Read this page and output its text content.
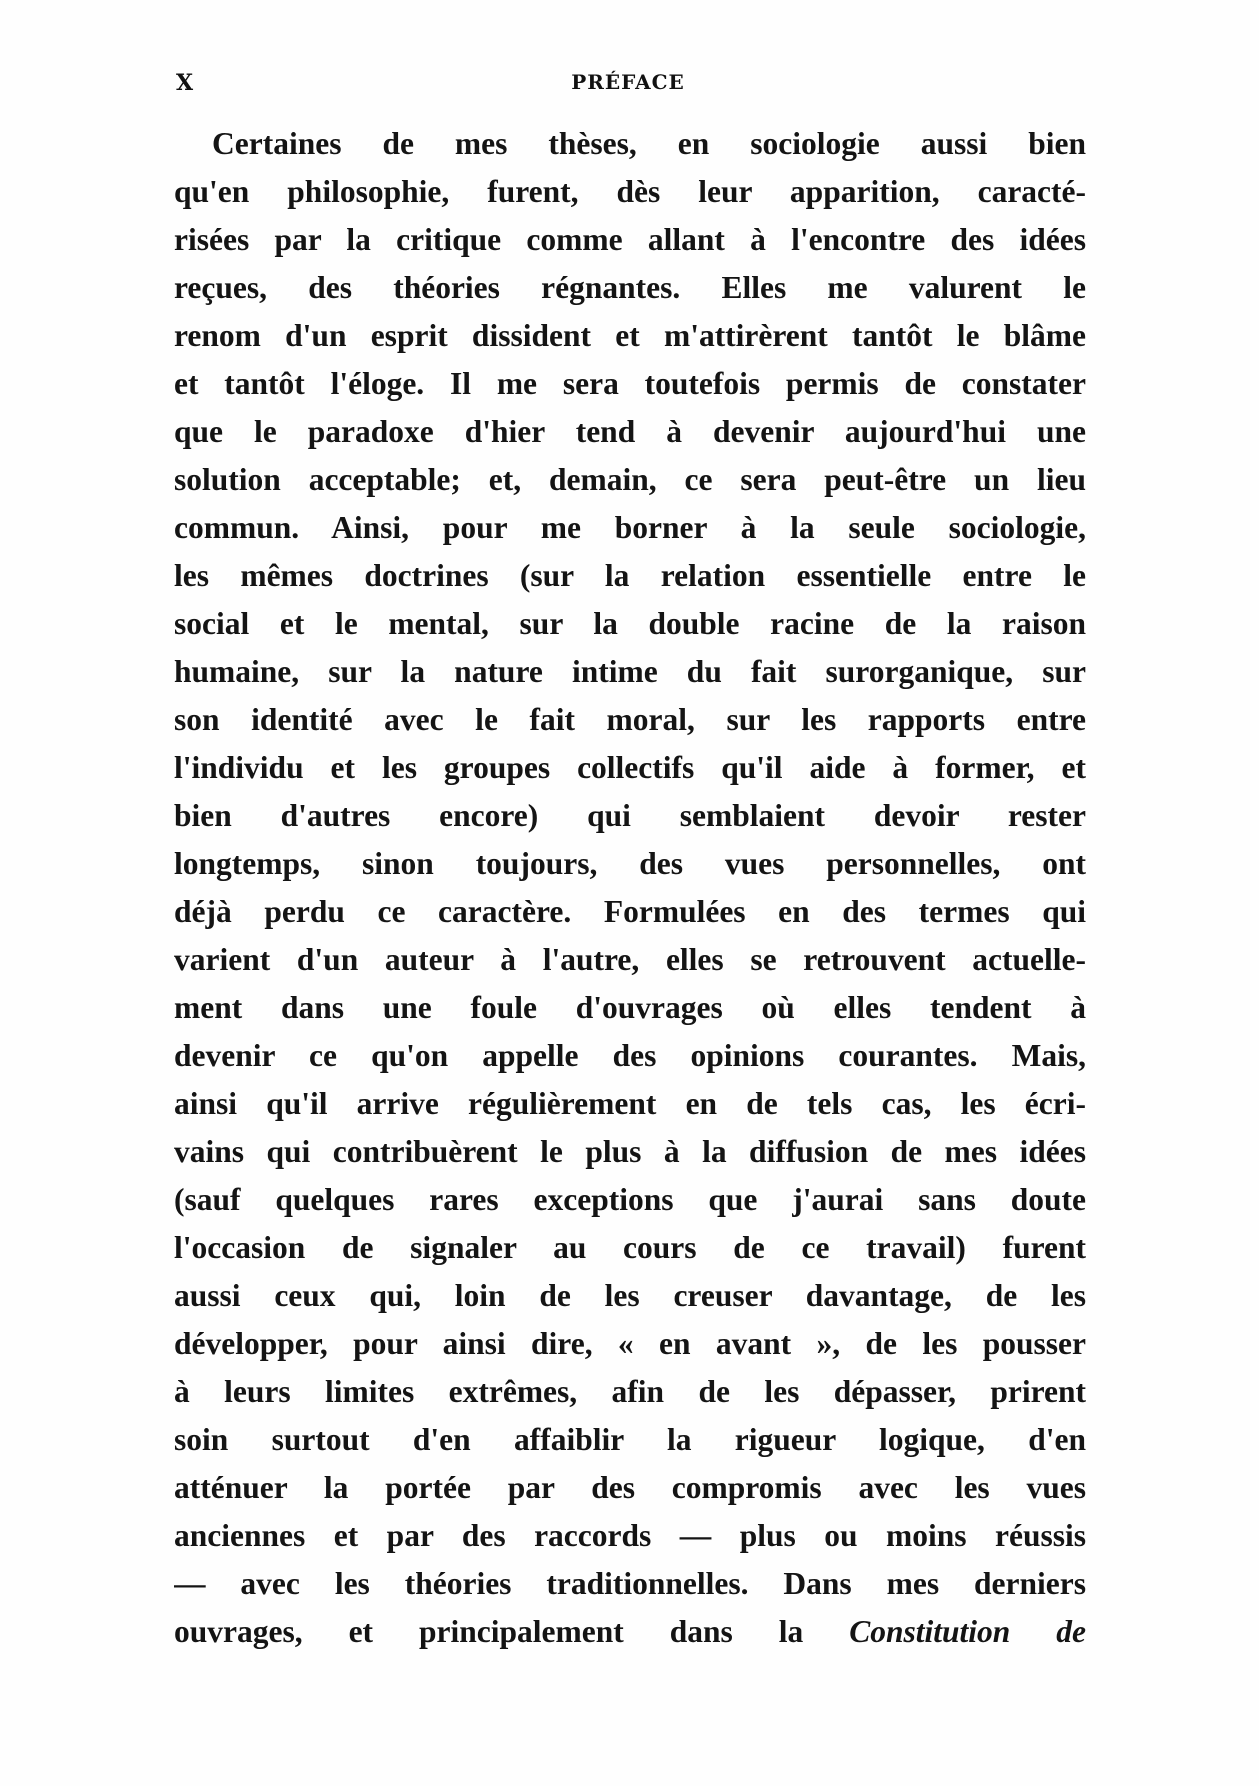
X	PRÉFACE
Certaines de mes thèses, en sociologie aussi bien
qu'en philosophie, furent, dès leur apparition, caracté-
risées par la critique comme allant à l'encontre des idées
reçues, des théories régnantes. Elles me valurent le
renom d'un esprit dissident et m'attirèrent tantôt le blâme
et tantôt l'éloge. Il me sera toutefois permis de constater
que le paradoxe d'hier tend à devenir aujourd'hui une
solution acceptable; et, demain, ce sera peut-être un lieu
commun. Ainsi, pour me borner à la seule sociologie,
les mêmes doctrines (sur la relation essentielle entre le
social et le mental, sur la double racine de la raison
humaine, sur la nature intime du fait surorganique, sur
son identité avec le fait moral, sur les rapports entre
l'individu et les groupes collectifs qu'il aide à former, et
bien d'autres encore) qui semblaient devoir rester
longtemps, sinon toujours, des vues personnelles, ont
déjà perdu ce caractère. Formulées en des termes qui
varient d'un auteur à l'autre, elles se retrouvent actuelle-
ment dans une foule d'ouvrages où elles tendent à
devenir ce qu'on appelle des opinions courantes. Mais,
ainsi qu'il arrive régulièrement en de tels cas, les écri-
vains qui contribuèrent le plus à la diffusion de mes idées
(sauf quelques rares exceptions que j'aurai sans doute
l'occasion de signaler au cours de ce travail) furent
aussi ceux qui, loin de les creuser davantage, de les
développer, pour ainsi dire, « en avant », de les pousser
à leurs limites extrêmes, afin de les dépasser, prirent
soin surtout d'en affaiblir la rigueur logique, d'en
atténuer la portée par des compromis avec les vues
anciennes et par des raccords — plus ou moins réussis
— avec les théories traditionnelles. Dans mes derniers
ouvrages, et principalement dans la Constitution de
